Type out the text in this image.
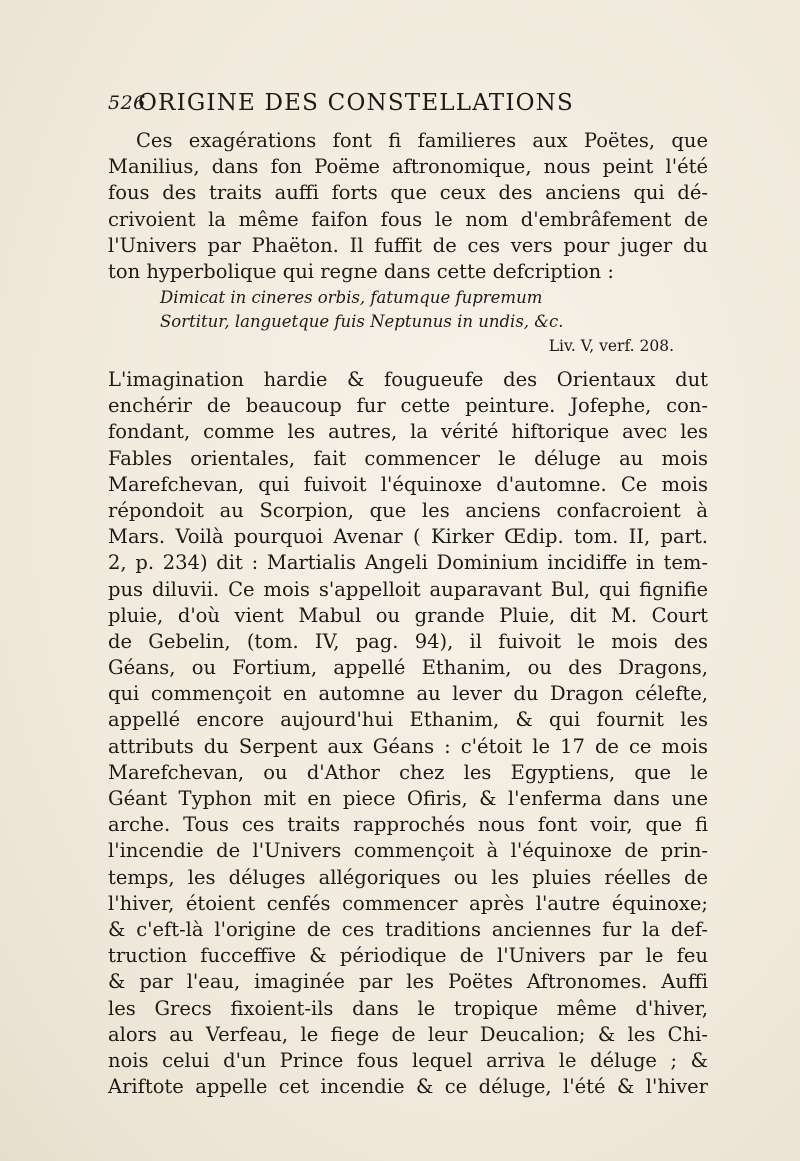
526
ORIGINE DES CONSTELLATIONS
Ces exagérations font fi familieres aux Poëtes, que
Manilius, dans fon Poëme aftronomique, nous peint l'été
fous des traits auffi forts que ceux des anciens qui dé-
crivoient la même faifon fous le nom d'embrâfement de
l'Univers par Phaëton. Il fuffit de ces vers pour juger du
ton hyperbolique qui regne dans cette defcription :
Dimicat in cineres orbis, fatumque fupremum
Sortitur, languetque fuis Neptunus in undis, &c.
Liv. V, verf. 208.
L'imagination hardie & fougueufe des Orientaux dut
enchérir de beaucoup fur cette peinture. Jofephe, con-
fondant, comme les autres, la vérité hiftorique avec les
Fables orientales, fait commencer le déluge au mois
Marefchevan, qui fuivoit l'équinoxe d'automne. Ce mois
répondoit au Scorpion, que les anciens confacroient à
Mars. Voilà pourquoi Avenar ( Kirker Œdip. tom. II, part.
2, p. 234) dit : Martialis Angeli Dominium incidiffe in tem-
pus diluvii. Ce mois s'appelloit auparavant Bul, qui fignifie
pluie, d'où vient Mabul ou grande Pluie, dit M. Court
de Gebelin, (tom. IV, pag. 94), il fuivoit le mois des
Géans, ou Fortium, appellé Ethanim, ou des Dragons,
qui commençoit en automne au lever du Dragon célefte,
appellé encore aujourd'hui Ethanim, & qui fournit les
attributs du Serpent aux Géans : c'étoit le 17 de ce mois
Marefchevan, ou d'Athor chez les Egyptiens, que le
Géant Typhon mit en piece Ofiris, & l'enferma dans une
arche. Tous ces traits rapprochés nous font voir, que fi
l'incendie de l'Univers commençoit à l'équinoxe de prin-
temps, les déluges allégoriques ou les pluies réelles de
l'hiver, étoient cenfés commencer après l'autre équinoxe;
& c'eft-là l'origine de ces traditions anciennes fur la def-
truction fucceffive & périodique de l'Univers par le feu
& par l'eau, imaginée par les Poëtes Aftronomes. Auffi
les Grecs fixoient-ils dans le tropique même d'hiver,
alors au Verfeau, le fiege de leur Deucalion; & les Chi-
nois celui d'un Prince fous lequel arriva le déluge ; &
Ariftote appelle cet incendie & ce déluge, l'été & l'hiver
